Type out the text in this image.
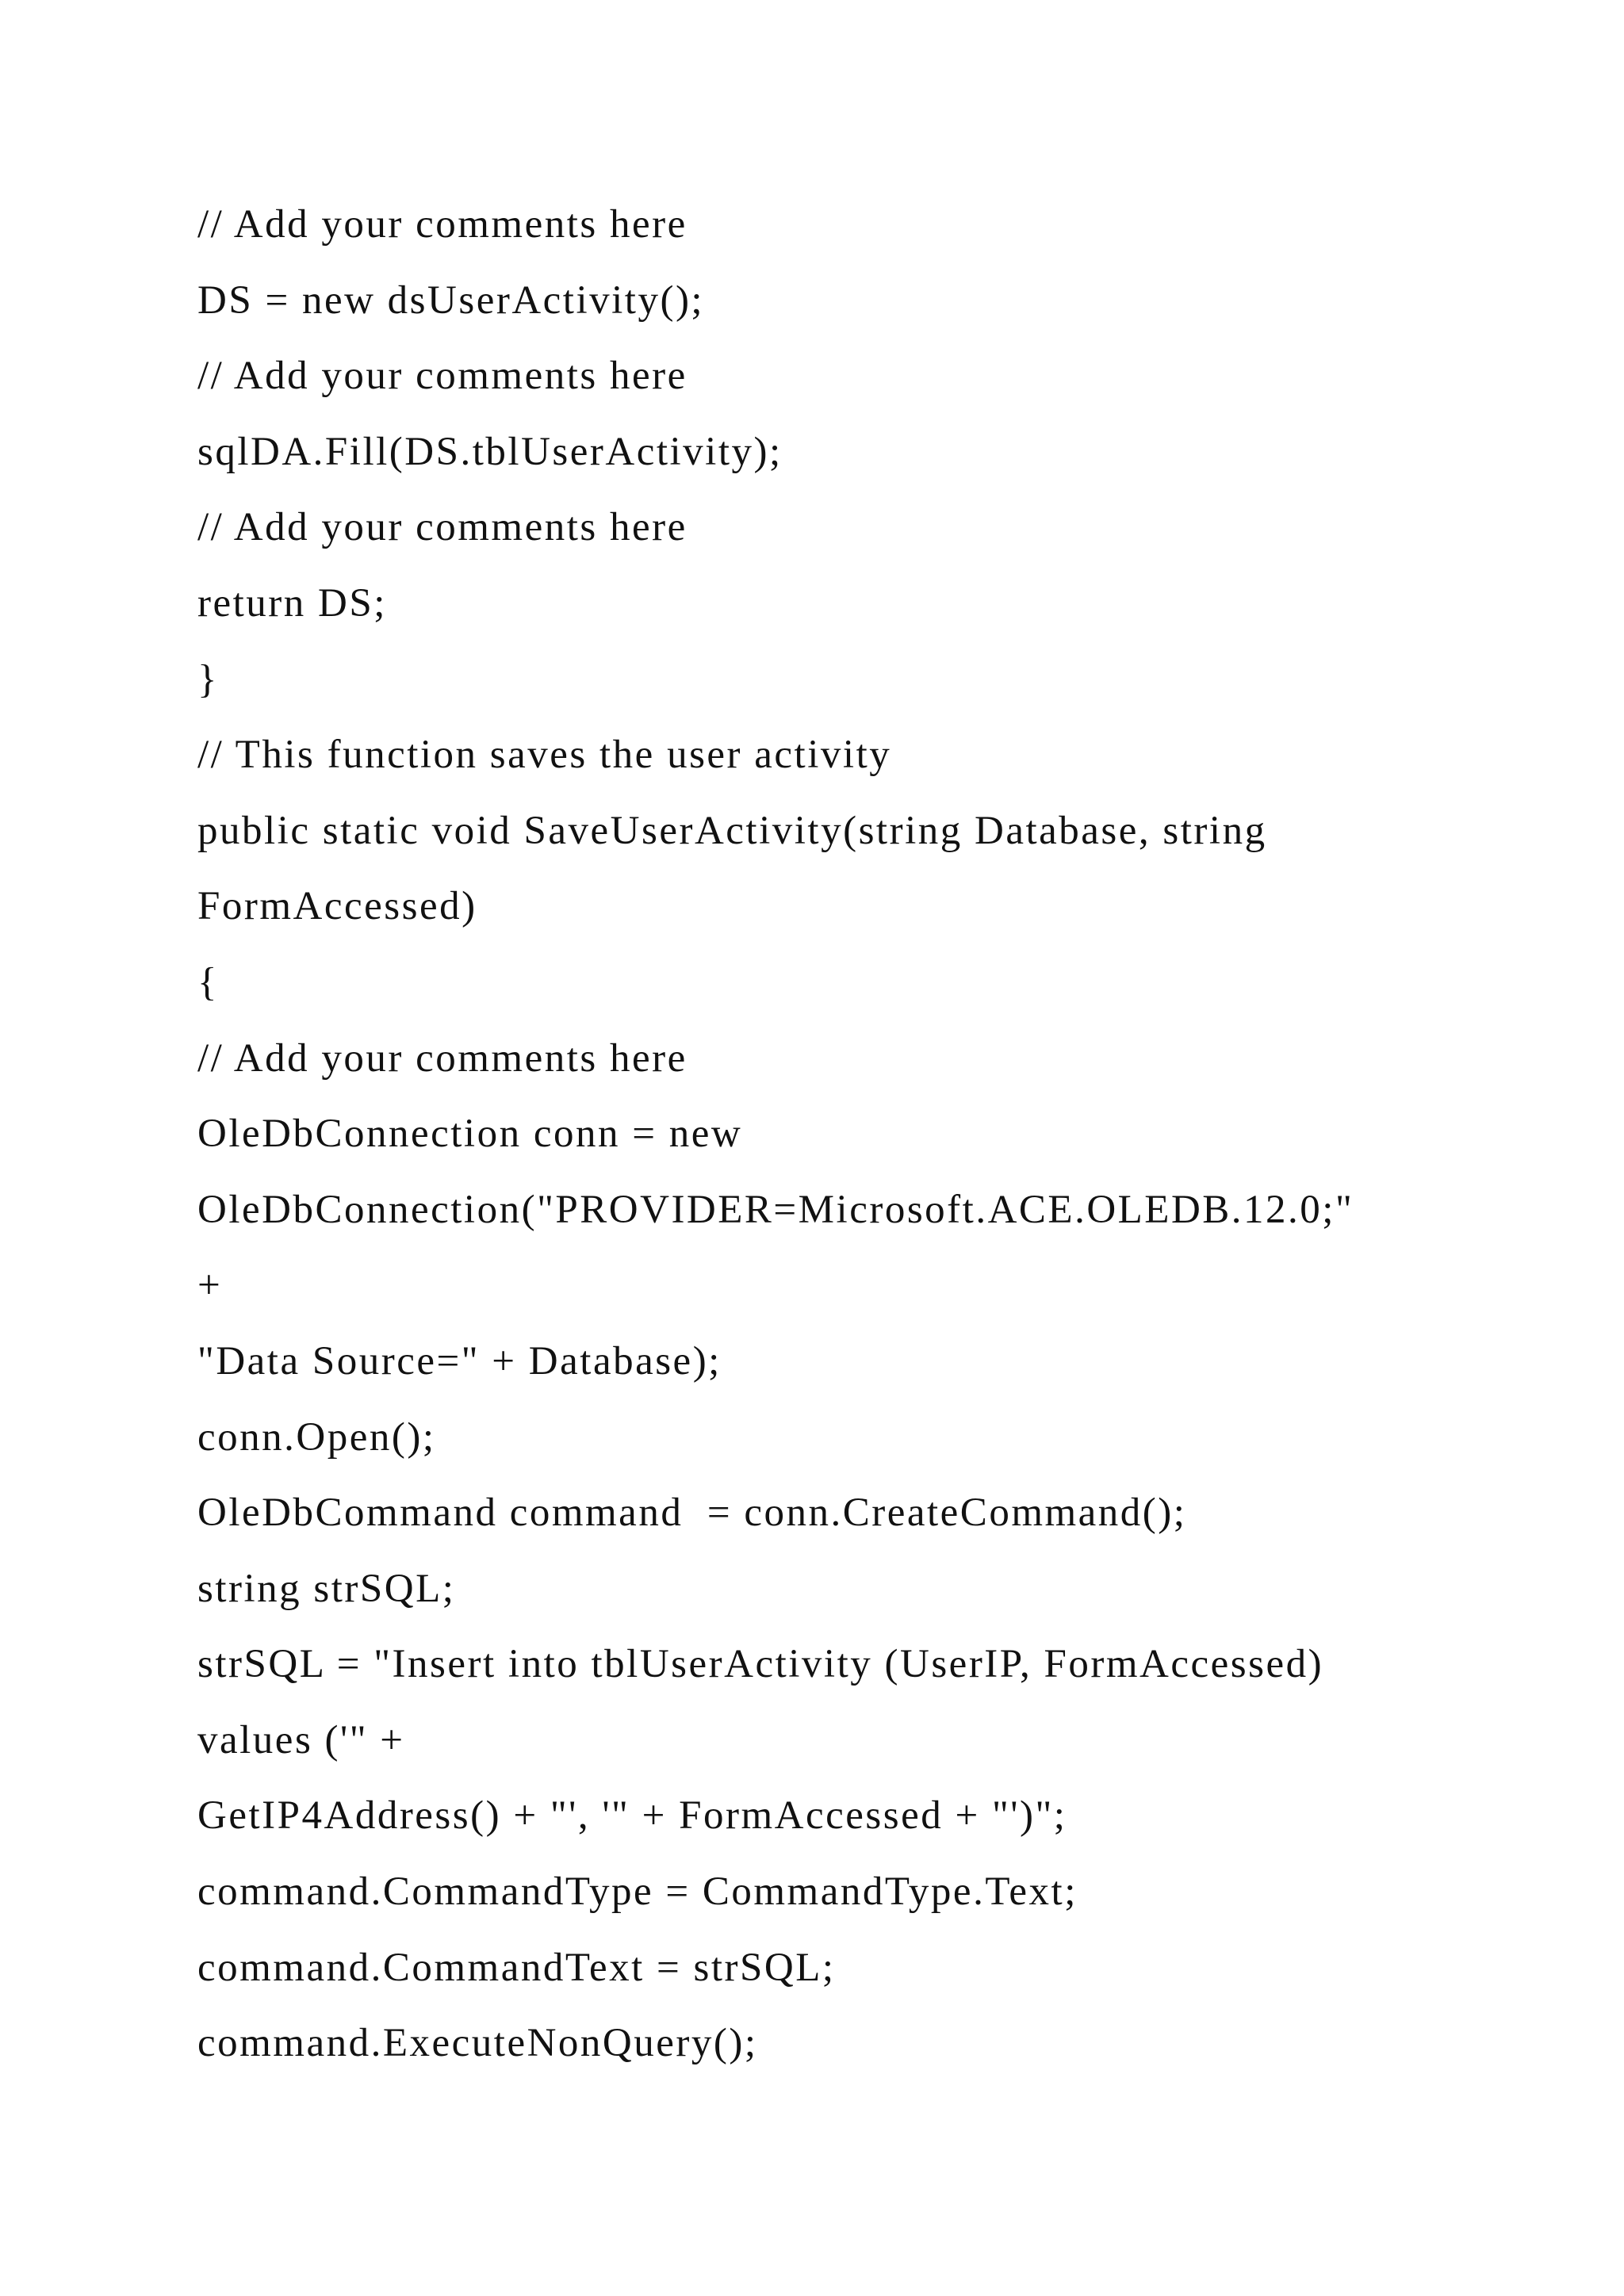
// Add your comments here
DS = new dsUserActivity();
// Add your comments here
sqlDA.Fill(DS.tblUserActivity);
// Add your comments here
return DS;
}
// This function saves the user activity
public static void SaveUserActivity(string Database, string
FormAccessed)
{
// Add your comments here
OleDbConnection conn = new
OleDbConnection("PROVIDER=Microsoft.ACE.OLEDB.12.0;"
+
"Data Source=" + Database);
conn.Open();
OleDbCommand command  = conn.CreateCommand();
string strSQL;
strSQL = "Insert into tblUserActivity (UserIP, FormAccessed)
values ('" +
GetIP4Address() + "', '" + FormAccessed + "')";
command.CommandType = CommandType.Text;
command.CommandText = strSQL;
command.ExecuteNonQuery();
